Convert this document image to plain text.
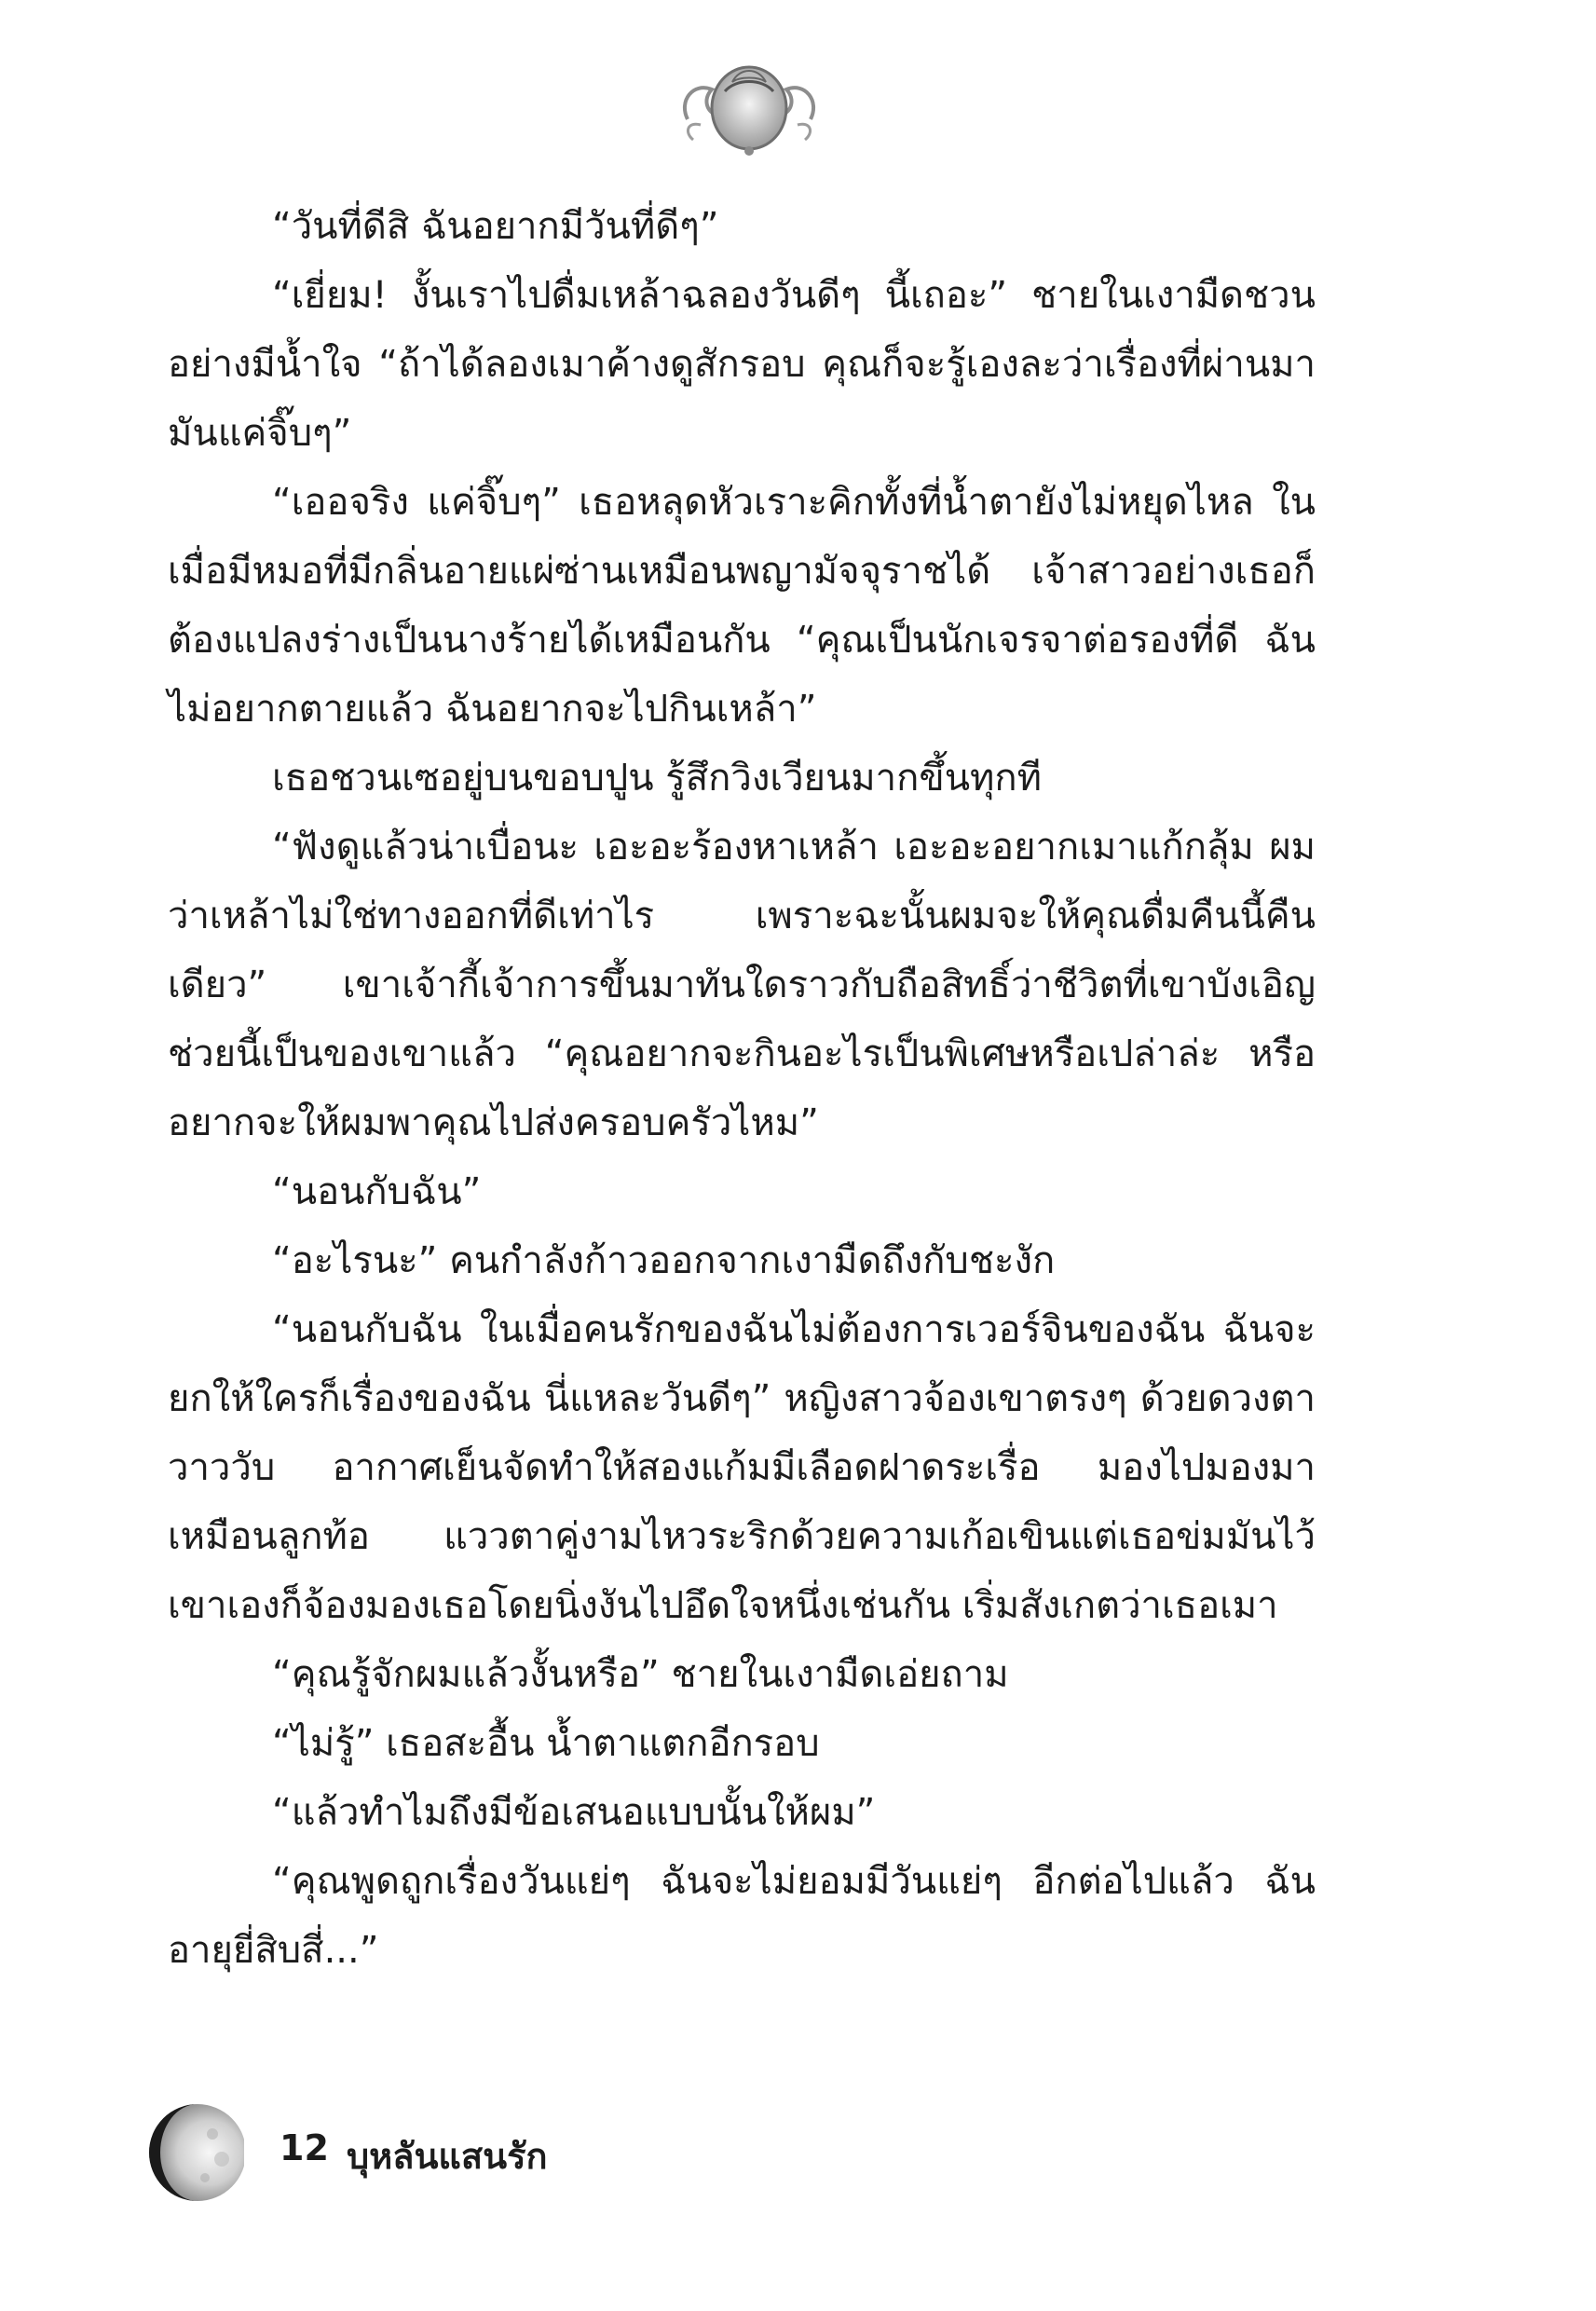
“วันที่ดีสิ ฉันอยากมีวันที่ดีๆ”

“เยี่ยม! งั้นเราไปดื่มเหล้าฉลองวันดีๆ นี้เถอะ” ชายในเงามืดชวนอย่างมีน้ำใจ “ถ้าได้ลองเมาค้างดูสักรอบ คุณก็จะรู้เองละว่าเรื่องที่ผ่านมามันแค่จิ๊บๆ”

“เออจริง แค่จิ๊บๆ” เธอหลุดหัวเราะคิกทั้งที่น้ำตายังไม่หยุดไหล ในเมื่อมีหมอที่มีกลิ่นอายแผ่ซ่านเหมือนพญามัจจุราชได้ เจ้าสาวอย่างเธอก็ต้องแปลงร่างเป็นนางร้ายได้เหมือนกัน “คุณเป็นนักเจรจาต่อรองที่ดี ฉันไม่อยากตายแล้ว ฉันอยากจะไปกินเหล้า”

เธอชวนเซอยู่บนขอบปูน รู้สึกวิงเวียนมากขึ้นทุกที

“ฟังดูแล้วน่าเบื่อนะ เอะอะร้องหาเหล้า เอะอะอยากเมาแก้กลุ้ม ผมว่าเหล้าไม่ใช่ทางออกที่ดีเท่าไร เพราะฉะนั้นผมจะให้คุณดื่มคืนนี้คืนเดียว” เขาเจ้ากี้เจ้าการขึ้นมาทันใดราวกับถือสิทธิ์ว่าชีวิตที่เขาบังเอิญช่วยนี้เป็นของเขาแล้ว “คุณอยากจะกินอะไรเป็นพิเศษหรือเปล่าล่ะ หรืออยากจะให้ผมพาคุณไปส่งครอบครัวไหม”

“นอนกับฉัน”

“อะไรนะ” คนกำลังก้าวออกจากเงามืดถึงกับชะงัก

“นอนกับฉัน ในเมื่อคนรักของฉันไม่ต้องการเวอร์จินของฉัน ฉันจะยกให้ใครก็เรื่องของฉัน นี่แหละวันดีๆ” หญิงสาวจ้องเขาตรงๆ ด้วยดวงตาวาววับ อากาศเย็นจัดทำให้สองแก้มมีเลือดฝาดระเรื่อ มองไปมองมาเหมือนลูกท้อ แววตาคู่งามไหวระริกด้วยความเก้อเขินแต่เธอข่มมันไว้ เขาเองก็จ้องมองเธอโดยนิ่งงันไปอึดใจหนึ่งเช่นกัน เริ่มสังเกตว่าเธอเมา

“คุณรู้จักผมแล้วงั้นหรือ” ชายในเงามืดเอ่ยถาม

“ไม่รู้” เธอสะอื้น น้ำตาแตกอีกรอบ

“แล้วทำไมถึงมีข้อเสนอแบบนั้นให้ผม”

“คุณพูดถูกเรื่องวันแย่ๆ ฉันจะไม่ยอมมีวันแย่ๆ อีกต่อไปแล้ว ฉันอายุยี่สิบสี่...”

12 บุหลันแสนรัก
